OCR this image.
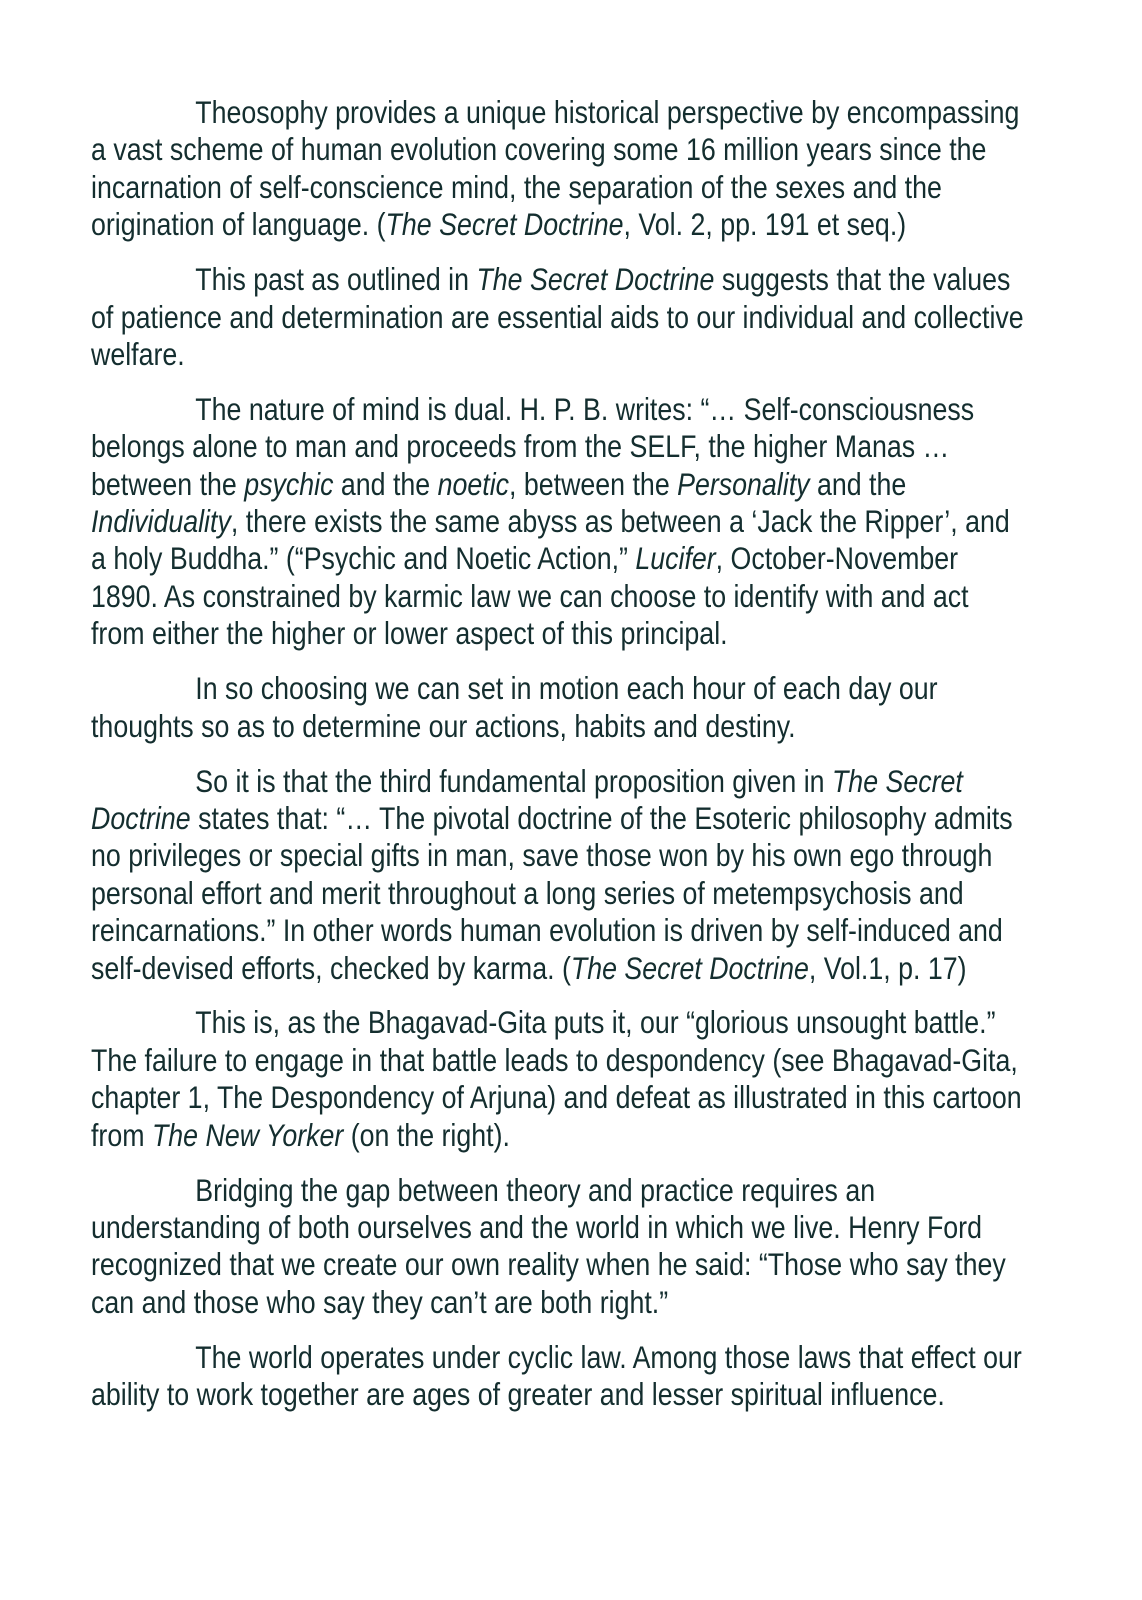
Theosophy provides a unique historical perspective by encompassing
a vast scheme of human evolution covering some 16 million years since the
incarnation of self-conscience mind, the separation of the sexes and the
origination of language. (The Secret Doctrine, Vol. 2, pp. 191 et seq.)
This past as outlined in The Secret Doctrine suggests that the values
of patience and determination are essential aids to our individual and collective
welfare.
The nature of mind is dual. H. P. B. writes: “… Self-consciousness
belongs alone to man and proceeds from the SELF, the higher Manas …
between the psychic and the noetic, between the Personality and the
Individuality, there exists the same abyss as between a ‘Jack the Ripper’, and
a holy Buddha.” (“Psychic and Noetic Action,” Lucifer, October-November
1890. As constrained by karmic law we can choose to identify with and act
from either the higher or lower aspect of this principal.
In so choosing we can set in motion each hour of each day our
thoughts so as to determine our actions, habits and destiny.
So it is that the third fundamental proposition given in The Secret
Doctrine states that: “… The pivotal doctrine of the Esoteric philosophy admits
no privileges or special gifts in man, save those won by his own ego through
personal effort and merit throughout a long series of metempsychosis and
reincarnations.” In other words human evolution is driven by self-induced and
self-devised efforts, checked by karma. (The Secret Doctrine, Vol.1, p. 17)
This is, as the Bhagavad-Gita puts it, our “glorious unsought battle.”
The failure to engage in that battle leads to despondency (see Bhagavad-Gita,
chapter 1, The Despondency of Arjuna) and defeat as illustrated in this cartoon
from The New Yorker (on the right).
Bridging the gap between theory and practice requires an
understanding of both ourselves and the world in which we live. Henry Ford
recognized that we create our own reality when he said: “Those who say they
can and those who say they can’t are both right.”
The world operates under cyclic law. Among those laws that effect our
ability to work together are ages of greater and lesser spiritual influence.
